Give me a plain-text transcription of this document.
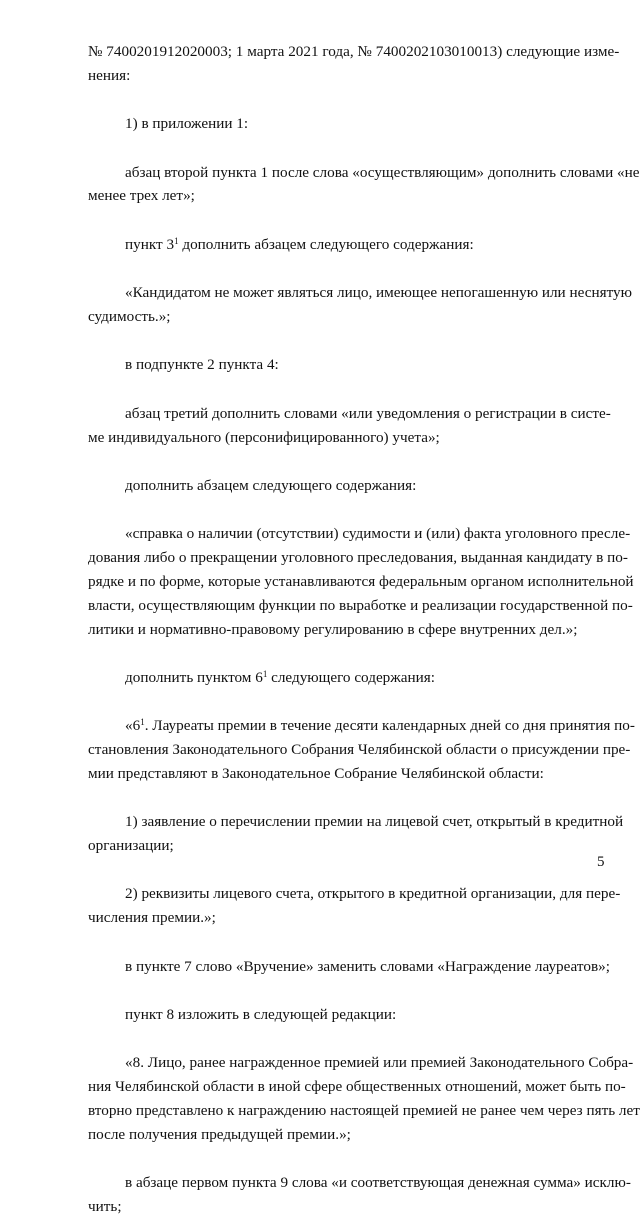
№ 7400201912020003; 1 марта 2021 года, № 7400202103010013) следующие изме-
нения:
1) в приложении 1:
абзац второй пункта 1 после слова «осуществляющим» дополнить словами «не
менее трех лет»;
пункт $3^1$ дополнить абзацем следующего содержания:
«Кандидатом не может являться лицо, имеющее непогашенную или неснятую
судимость.»;
в подпункте 2 пункта 4:
абзац третий дополнить словами «или уведомления о регистрации в систе-
ме индивидуального (персонифицированного) учета»;
дополнить абзацем следующего содержания:
«справка о наличии (отсутствии) судимости и (или) факта уголовного пресле-
дования либо о прекращении уголовного преследования, выданная кандидату в по-
рядке и по форме, которые устанавливаются федеральным органом исполнительной
власти, осуществляющим функции по выработке и реализации государственной по-
литики и нормативно-правовому регулированию в сфере внутренних дел.»;
дополнить пунктом $6^1$ следующего содержания:
«$6^1$. Лауреаты премии в течение десяти календарных дней со дня принятия по-
становления Законодательного Собрания Челябинской области о присуждении пре-
мии представляют в Законодательное Собрание Челябинской области:
1) заявление о перечислении премии на лицевой счет, открытый в кредитной
организации;
2) реквизиты лицевого счета, открытого в кредитной организации, для пере-
числения премии.»;
в пункте 7 слово «Вручение» заменить словами «Награждение лауреатов»;
пункт 8 изложить в следующей редакции:
«8. Лицо, ранее награжденное премией или премией Законодательного Собра-
ния Челябинской области в иной сфере общественных отношений, может быть по-
вторно представлено к награждению настоящей премией не ранее чем через пять лет
после получения предыдущей премии.»;
в абзаце первом пункта 9 слова «и соответствующая денежная сумма» исклю-
чить;
5
